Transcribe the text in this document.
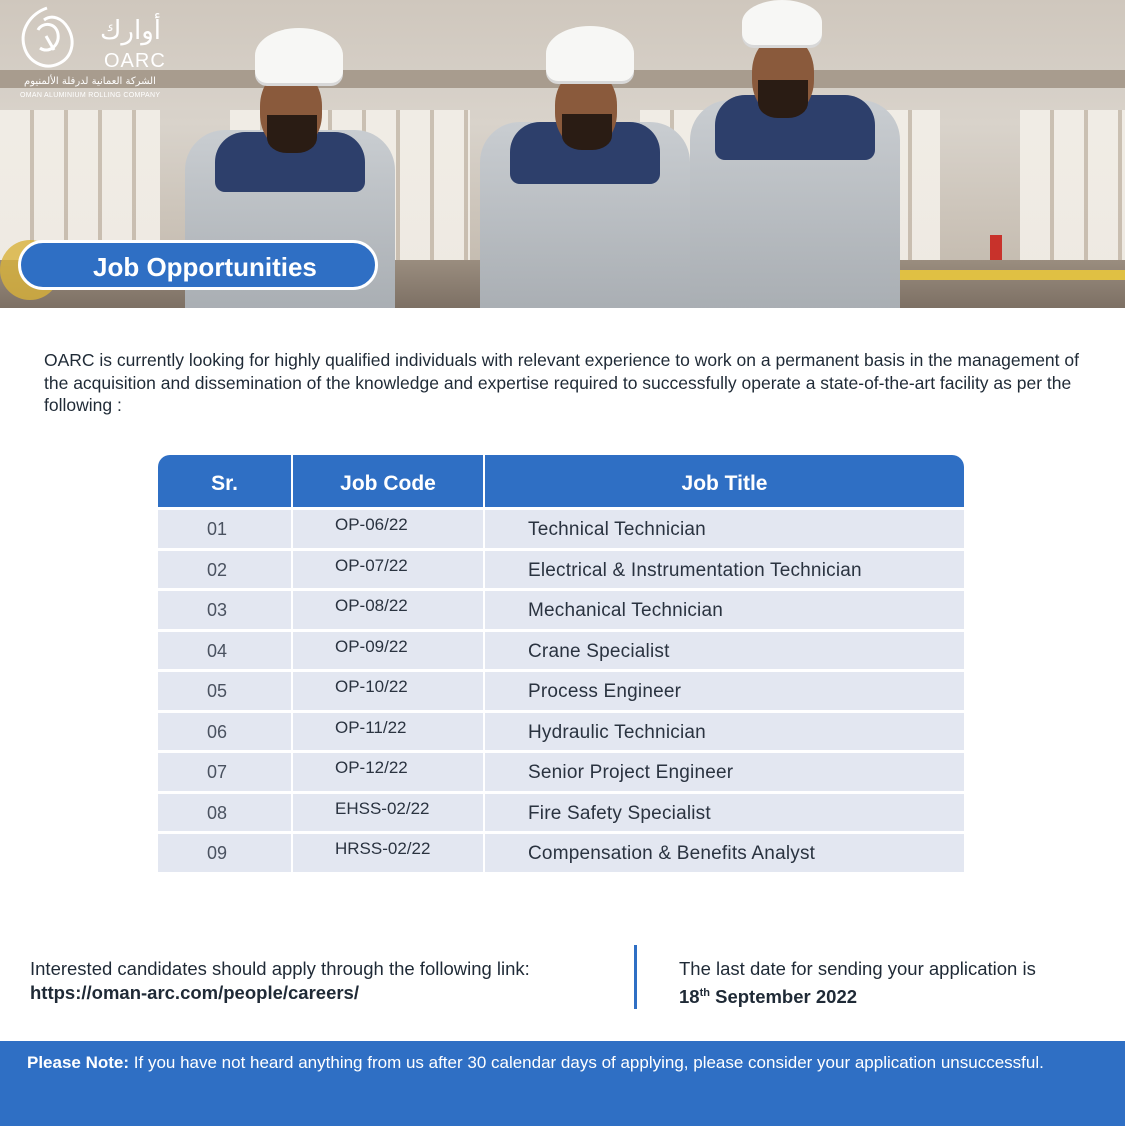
أوارك
OARC
الشركة العمانية لدرفلة الألمنيوم
OMAN ALUMINIUM ROLLING COMPANY
Job Opportunities
OARC is currently looking for highly qualified individuals with relevant experience to work on a permanent basis in the management of the acquisition and dissemination of the knowledge and expertise required to successfully operate a state-of-the-art facility as per the following :
Sr.	Job Code	Job Title
01	OP-06/22	Technical Technician
02	OP-07/22	Electrical & Instrumentation Technician
03	OP-08/22	Mechanical Technician
04	OP-09/22	Crane Specialist
05	OP-10/22	Process Engineer
06	OP-11/22	Hydraulic Technician
07	OP-12/22	Senior Project Engineer
08	EHSS-02/22	Fire Safety Specialist
09	HRSS-02/22	Compensation & Benefits Analyst
Interested candidates should apply through the following link:
https://oman-arc.com/people/careers/
The last date for sending your application is
18th September 2022
Please Note: If you have not heard anything from us after 30 calendar days of applying, please consider your application unsuccessful.
